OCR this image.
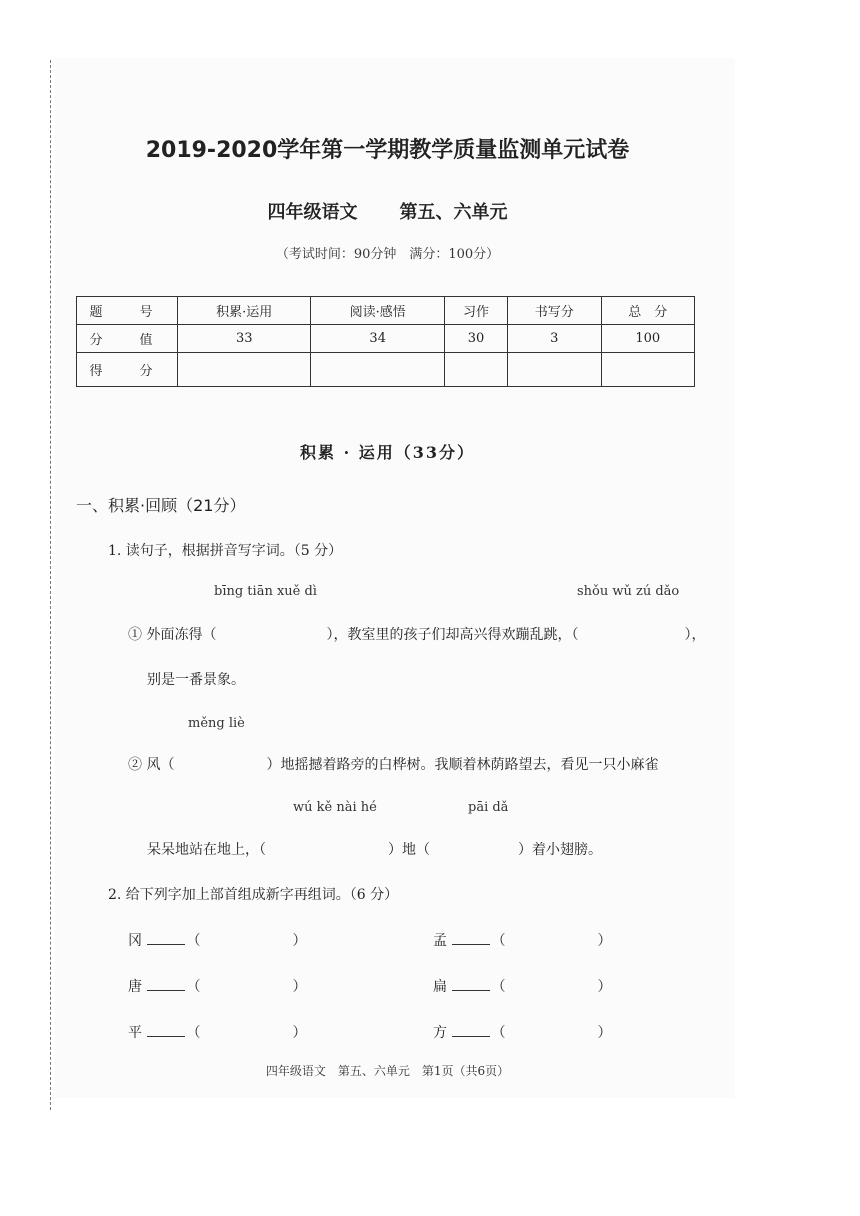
2019-2020学年第一学期教学质量监测单元试卷
四年级语文 第五、六单元
（考试时间：90分钟　满分：100分）
题　号	积累·运用	阅读·感悟	习作	书写分	总　分
分　值	33	34	30	3	100
得　分					
积累 · 运用（33分）
一、积累·回顾（21分）
1. 读句子，根据拼音写字词。（5 分）
bīng tiān xuě dì	shǒu wǔ zú dǎo
① 外面冻得（	），教室里的孩子们却高兴得欢蹦乱跳，（	），
别是一番景象。
měng liè
② 风（	）地摇撼着路旁的白桦树。我顺着林荫路望去，看见一只小麻雀
wú kě nài hé	pāi dǎ
呆呆地站在地上，（	）地（	）着小翅膀。
2. 给下列字加上部首组成新字再组词。（6 分）
冈	（	）	孟	（	）
唐	（	）	扁	（	）
平	（	）	方	（	）
四年级语文　第五、六单元　第1页（共6页）
